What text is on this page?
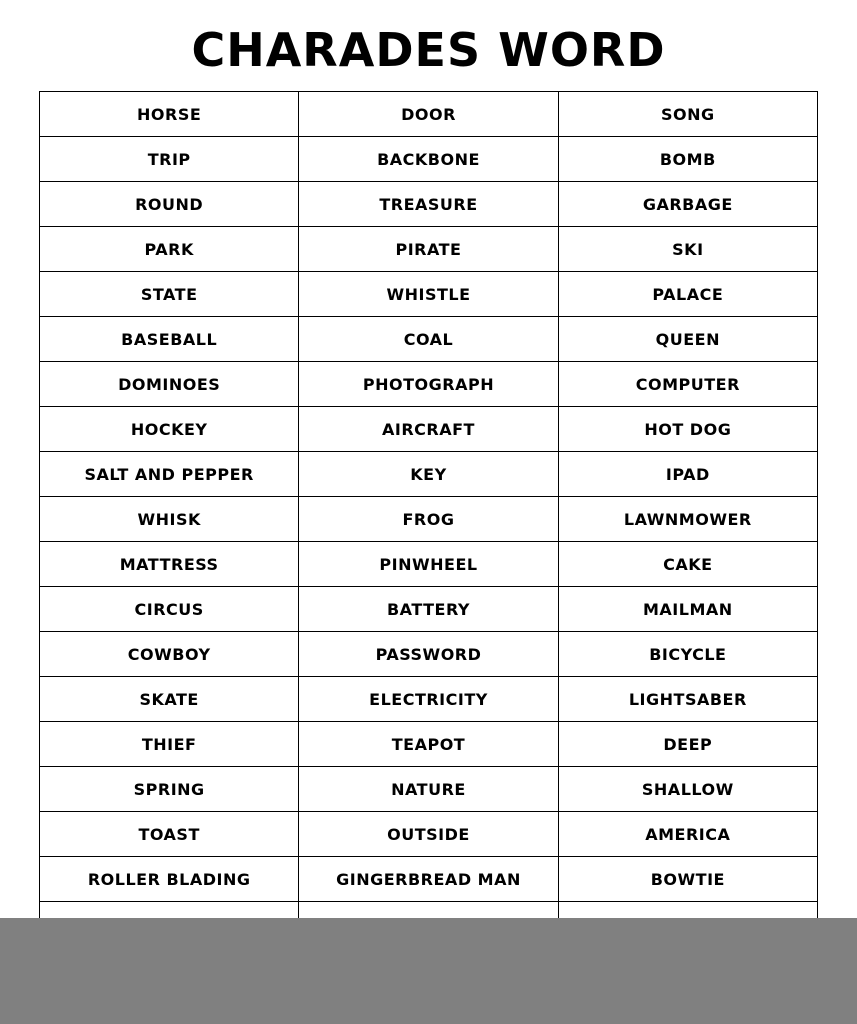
CHARADES WORD
HORSE	DOOR	SONG
TRIP	BACKBONE	BOMB
ROUND	TREASURE	GARBAGE
PARK	PIRATE	SKI
STATE	WHISTLE	PALACE
BASEBALL	COAL	QUEEN
DOMINOES	PHOTOGRAPH	COMPUTER
HOCKEY	AIRCRAFT	HOT DOG
SALT AND PEPPER	KEY	IPAD
WHISK	FROG	LAWNMOWER
MATTRESS	PINWHEEL	CAKE
CIRCUS	BATTERY	MAILMAN
COWBOY	PASSWORD	BICYCLE
SKATE	ELECTRICITY	LIGHTSABER
THIEF	TEAPOT	DEEP
SPRING	NATURE	SHALLOW
TOAST	OUTSIDE	AMERICA
ROLLER BLADING	GINGERBREAD MAN	BOWTIE
